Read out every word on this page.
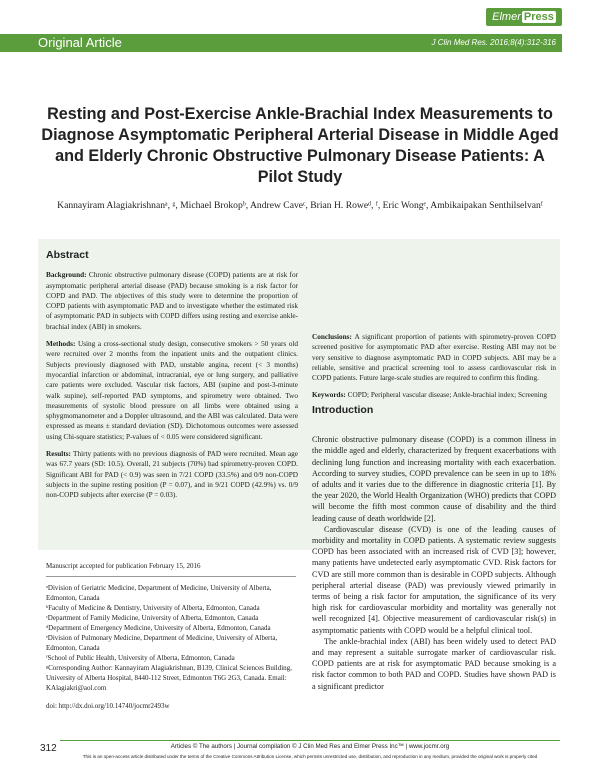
Elmer Press
Original Article	J Clin Med Res. 2016;8(4):312-316
Resting and Post-Exercise Ankle-Brachial Index Measurements to Diagnose Asymptomatic Peripheral Arterial Disease in Middle Aged and Elderly Chronic Obstructive Pulmonary Disease Patients: A Pilot Study
Kannayiram Alagiakrishnanᵃ, ᵍ, Michael Brokopᵇ, Andrew Caveᶜ, Brian H. Roweᵈ, ᶠ, Eric Wongᵉ, Ambikaipakan Senthilselvanᶠ
Abstract

Background: Chronic obstructive pulmonary disease (COPD) patients are at risk for asymptomatic peripheral arterial disease (PAD) because smoking is a risk factor for COPD and PAD. The objectives of this study were to determine the proportion of COPD patients with asymptomatic PAD and to investigate whether the estimated risk of asymptomatic PAD in subjects with COPD differs using resting and exercise ankle-brachial index (ABI) in smokers.

Methods: Using a cross-sectional study design, consecutive smokers > 50 years old were recruited over 2 months from the inpatient units and the outpatient clinics. Subjects previously diagnosed with PAD, unstable angina, recent (< 3 months) myocardial infarction or abdominal, intracranial, eye or lung surgery, and palliative care patients were excluded. Vascular risk factors, ABI (supine and post-3-minute walk supine), self-reported PAD symptoms, and spirometry were obtained. Two measurements of systolic blood pressure on all limbs were obtained using a sphygmomanometer and a Doppler ultrasound, and the ABI was calculated. Data were expressed as means ± standard deviation (SD). Dichotomous outcomes were assessed using Chi-square statistics; P-values of < 0.05 were considered significant.

Results: Thirty patients with no previous diagnosis of PAD were recruited. Mean age was 67.7 years (SD: 10.5). Overall, 21 subjects (70%) had spirometry-proven COPD. Significant ABI for PAD (< 0.9) was seen in 7/21 COPD (33.5%) and 0/9 non-COPD subjects in the supine resting position (P = 0.07), and in 9/21 COPD (42.9%) vs. 0/9 non-COPD subjects after exercise (P = 0.03).

Conclusions: A significant proportion of patients with spirometry-proven COPD screened positive for asymptomatic PAD after exercise. Resting ABI may not be very sensitive to diagnose asymptomatic PAD in COPD subjects. ABI may be a reliable, sensitive and practical screening tool to assess cardiovascular risk in COPD patients. Future large-scale studies are required to confirm this finding.

Keywords: COPD; Peripheral vascular disease; Ankle-brachial index; Screening

Manuscript accepted for publication February 15, 2016

ᵃDivision of Geriatric Medicine, Department of Medicine, University of Alberta, Edmonton, Canada

ᵇFaculty of Medicine & Dentistry, University of Alberta, Edmonton, Canada

ᶜDepartment of Family Medicine, University of Alberta, Edmonton, Canada

ᵈDepartment of Emergency Medicine, University of Alberta, Edmonton, Canada

ᵉDivision of Pulmonary Medicine, Department of Medicine, University of Alberta, Edmonton, Canada

ᶠSchool of Public Health, University of Alberta, Edmonton, Canada

ᵍCorresponding Author: Kannayiram Alagiakrishnan, B139, Clinical Sciences Building, University of Alberta Hospital, 8440-112 Street, Edmonton T6G 2G3, Canada. Email: KAlagiakri@aol.com

doi: http://dx.doi.org/10.14740/jocmr2493w

Introduction

Chronic obstructive pulmonary disease (COPD) is a common illness in the middle aged and elderly, characterized by frequent exacerbations with declining lung function and increasing mortality with each exacerbation. According to survey studies, COPD prevalence can be seen in up to 18% of adults and it varies due to the difference in diagnostic criteria [1]. By the year 2020, the World Health Organization (WHO) predicts that COPD will become the fifth most common cause of disability and the third leading cause of death worldwide [2].

Cardiovascular disease (CVD) is one of the leading causes of morbidity and mortality in COPD patients. A systematic review suggests COPD has been associated with an increased risk of CVD [3]; however, many patients have undetected early asymptomatic CVD. Risk factors for CVD are still more common than is desirable in COPD subjects. Although peripheral arterial disease (PAD) was previously viewed primarily in terms of being a risk factor for amputation, the significance of its very high risk for cardiovascular morbidity and mortality was generally not well recognized [4]. Objective measurement of cardiovascular risk(s) in asymptomatic patients with COPD would be a helpful clinical tool.

The ankle-brachial index (ABI) has been widely used to detect PAD and may represent a suitable surrogate marker of cardiovascular risk. COPD patients are at risk for asymptomatic PAD because smoking is a risk factor common to both PAD and COPD. Studies have shown PAD is a significant predictor

312	Articles © The authors | Journal compilation © J Clin Med Res and Elmer Press Inc™ | www.jocmr.org
This is an open-access article distributed under the terms of the Creative Commons Attribution License, which permits unrestricted use, distribution, and reproduction in any medium, provided the original work is properly cited
